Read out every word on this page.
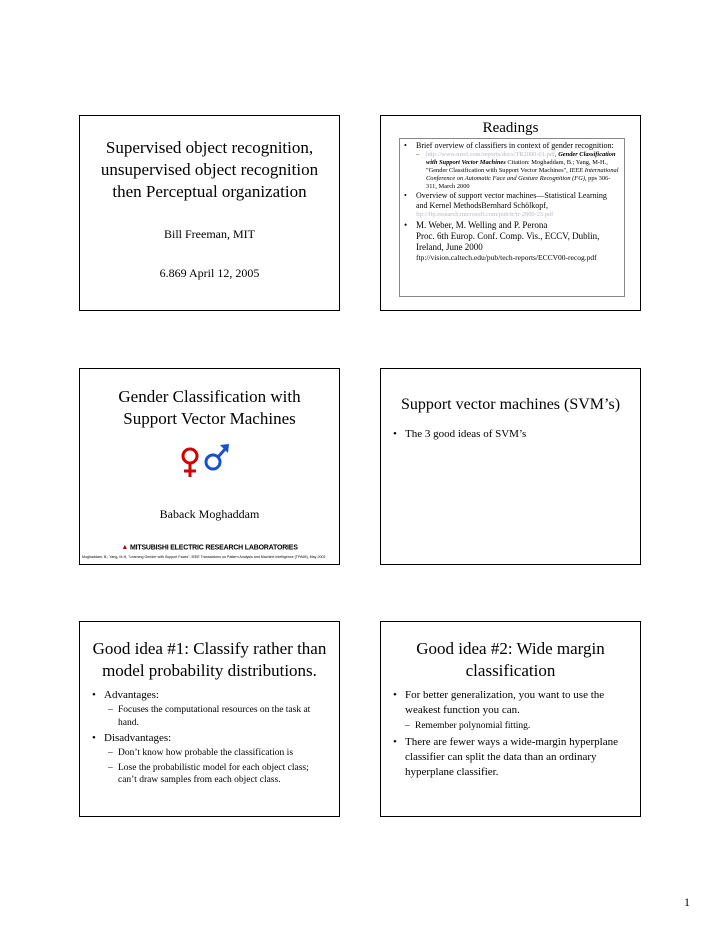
Supervised object recognition,
unsupervised object recognition
then Perceptual organization
Bill Freeman, MIT
6.869 April 12, 2005
Readings
• Brief overview of classifiers in context of gender recognition:
– http://www.merl.com/reports/docs/TR2000-01.pdf, Gender Classification with Support Vector Machines Citation: Moghaddam, B.; Yang, M-H., "Gender Classification with Support Vector Machines", IEEE International Conference on Automatic Face and Gesture Recognition (FG), pps 306-311, March 2000
• Overview of support vector machines—Statistical Learning and Kernel MethodsBernhard Schölkopf,
ftp://ftp.research.microsoft.com/pub/tr/tr-2000-23.pdf
• M. Weber, M. Welling and P. Perona
Proc. 6th Europ. Conf. Comp. Vis., ECCV, Dublin, Ireland, June 2000
ftp://vision.caltech.edu/pub/tech-reports/ECCV00-recog.pdf
Gender Classification with
Support Vector Machines
Baback Moghaddam
▲ MITSUBISHI ELECTRIC RESEARCH LABORATORIES
Moghaddam, B.; Yang, M-H, "Learning Gender with Support Faces", IEEE Transactions on Pattern Analysis and Machine Intelligence (TPAMI), May 2002
Support vector machines (SVM’s)
• The 3 good ideas of SVM’s
Good idea #1: Classify rather than
model probability distributions.
• Advantages:
– Focuses the computational resources on the task at hand.
• Disadvantages:
– Don’t know how probable the classification is
– Lose the probabilistic model for each object class; can’t draw samples from each object class.
Good idea #2: Wide margin
classification
• For better generalization, you want to use the weakest function you can.
– Remember polynomial fitting.
• There are fewer ways a wide-margin hyperplane classifier can split the data than an ordinary hyperplane classifier.
1
